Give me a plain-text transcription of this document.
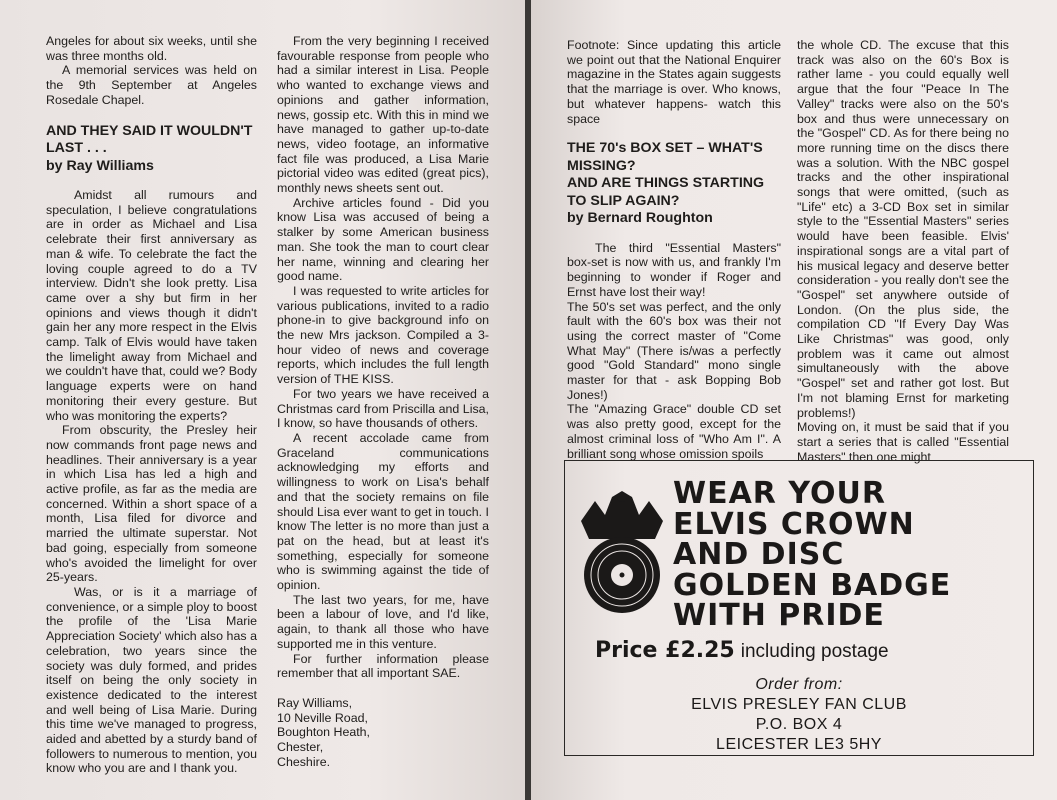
Angeles for about six weeks, until she was three months old.

A memorial services was held on the 9th September at Angeles Rosedale Chapel.

AND THEY SAID IT WOULDN'T LAST . . .

by Ray Williams

Amidst all rumours and speculation, I believe congratulations are in order as Michael and Lisa celebrate their first anniversary as man & wife. To celebrate the fact the loving couple agreed to do a TV interview. Didn't she look pretty. Lisa came over a shy but firm in her opinions and views though it didn't gain her any more respect in the Elvis camp. Talk of Elvis would have taken the limelight away from Michael and we couldn't have that, could we? Body language experts were on hand monitoring their every gesture. But who was monitoring the experts?

From obscurity, the Presley heir now commands front page news and headlines. Their anniversary is a year in which Lisa has led a high and active profile, as far as the media are concerned. Within a short space of a month, Lisa filed for divorce and married the ultimate superstar. Not bad going, especially from someone who's avoided the limelight for over 25-years.

Was, or is it a marriage of convenience, or a simple ploy to boost the profile of the 'Lisa Marie Appreciation Society' which also has a celebration, two years since the society was duly formed, and prides itself on being the only society in existence dedicated to the interest and well being of Lisa Marie. During this time we've managed to progress, aided and abetted by a sturdy band of followers to numerous to mention, you know who you are and I thank you.

From the very beginning I received favourable response from people who had a similar interest in Lisa. People who wanted to exchange views and opinions and gather information, news, gossip etc. With this in mind we have managed to gather up-to-date news, video footage, an informative fact file was produced, a Lisa Marie pictorial video was edited (great pics), monthly news sheets sent out.

Archive articles found - Did you know Lisa was accused of being a stalker by some American business man. She took the man to court clear her name, winning and clearing her good name.

I was requested to write articles for various publications, invited to a radio phone-in to give background info on the new Mrs jackson. Compiled a 3-hour video of news and coverage reports, which includes the full length version of THE KISS.

For two years we have received a Christmas card from Priscilla and Lisa, I know, so have thousands of others.

A recent accolade came from Graceland communications acknowledging my efforts and willingness to work on Lisa's behalf and that the society remains on file should Lisa ever want to get in touch. I know The letter is no more than just a pat on the head, but at least it's something, especially for someone who is swimming against the tide of opinion.

The last two years, for me, have been a labour of love, and I'd like, again, to thank all those who have supported me in this venture.

For further information please remember that all important SAE.

Ray Williams,
10 Neville Road,
Boughton Heath,
Chester,
Cheshire.

Footnote: Since updating this article we point out that the National Enquirer magazine in the States again suggests that the marriage is over. Who knows, but whatever happens- watch this space

THE 70's BOX SET – WHAT'S MISSING?

AND ARE THINGS STARTING TO SLIP AGAIN?

by Bernard Roughton

The third "Essential Masters" box-set is now with us, and frankly I'm beginning to wonder if Roger and Ernst have lost their way!

The 50's set was perfect, and the only fault with the 60's box was their not using the correct master of "Come What May" (There is/was a perfectly good "Gold Standard" mono single master for that - ask Bopping Bob Jones!)

The "Amazing Grace" double CD set was also pretty good, except for the almost criminal loss of "Who Am I". A brilliant song whose omission spoils

the whole CD. The excuse that this track was also on the 60's Box is rather lame - you could equally well argue that the four "Peace In The Valley" tracks were also on the 50's box and thus were unnecessary on the "Gospel" CD. As for there being no more running time on the discs there was a solution. With the NBC gospel tracks and the other inspirational songs that were omitted, (such as "Life" etc) a 3-CD Box set in similar style to the "Essential Masters" series would have been feasible. Elvis' inspirational songs are a vital part of his musical legacy and deserve better consideration - you really don't see the "Gospel" set anywhere outside of London. (On the plus side, the compilation CD "If Every Day Was Like Christmas" was good, only problem was it came out almost simultaneously with the above "Gospel" set and rather got lost. But I'm not blaming Ernst for marketing problems!)

Moving on, it must be said that if you start a series that is called "Essential Masters" then one might

WEAR YOUR
ELVIS CROWN
AND DISC
GOLDEN BADGE
WITH PRIDE
Price £2.25 including postage
Order from:
ELVIS PRESLEY FAN CLUB
P.O. BOX 4
LEICESTER LE3 5HY
